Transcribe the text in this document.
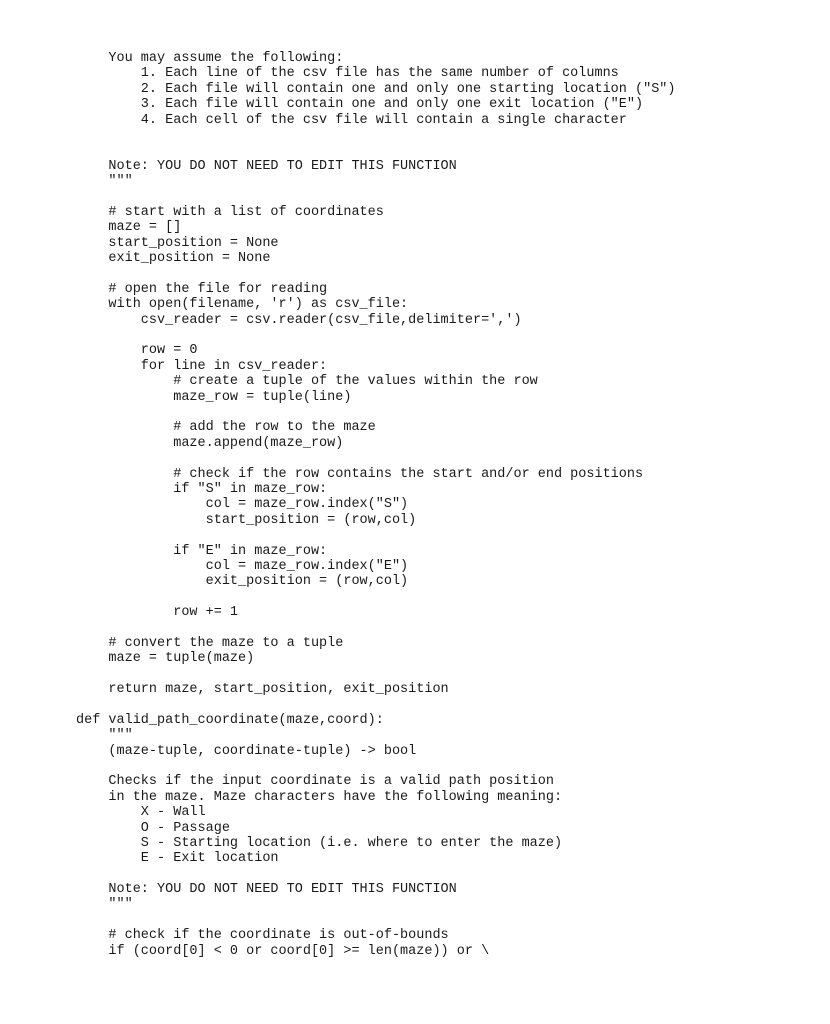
You may assume the following:
1. Each line of the csv file has the same number of columns
2. Each file will contain one and only one starting location ("S")
3. Each file will contain one and only one exit location ("E")
4. Each cell of the csv file will contain a single character
Note: YOU DO NOT NEED TO EDIT THIS FUNCTION
"""
# start with a list of coordinates
maze = []
start_position = None
exit_position = None
# open the file for reading
with open(filename, 'r') as csv_file:
csv_reader = csv.reader(csv_file,delimiter=',')
row = 0
for line in csv_reader:
# create a tuple of the values within the row
maze_row = tuple(line)
# add the row to the maze
maze.append(maze_row)
# check if the row contains the start and/or end positions
if "S" in maze_row:
col = maze_row.index("S")
start_position = (row,col)
if "E" in maze_row:
col = maze_row.index("E")
exit_position = (row,col)
row += 1
# convert the maze to a tuple
maze = tuple(maze)
return maze, start_position, exit_position
def valid_path_coordinate(maze,coord):
"""
(maze-tuple, coordinate-tuple) -> bool
Checks if the input coordinate is a valid path position
in the maze. Maze characters have the following meaning:
X - Wall
O - Passage
S - Starting location (i.e. where to enter the maze)
E - Exit location
Note: YOU DO NOT NEED TO EDIT THIS FUNCTION
"""
# check if the coordinate is out-of-bounds
if (coord[0] < 0 or coord[0] >= len(maze)) or \
